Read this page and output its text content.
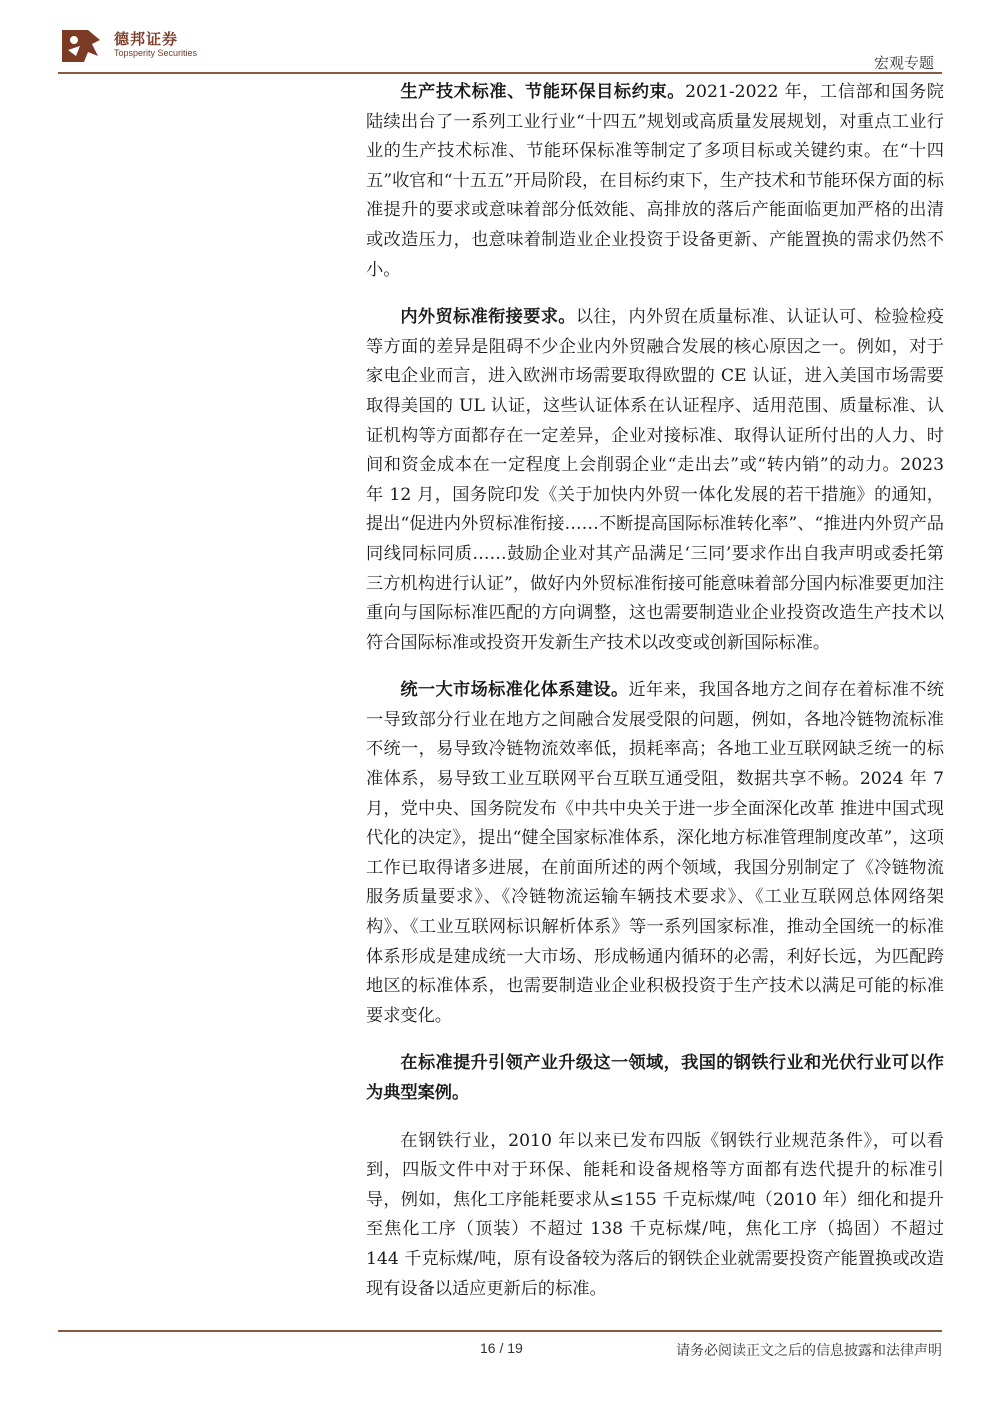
德邦证券
Topsperity Securities
宏观专题

生产技术标准、节能环保目标约束。2021-2022 年，工信部和国务院陆续出台了一系列工业行业“十四五”规划或高质量发展规划，对重点工业行业的生产技术标准、节能环保标准等制定了多项目标或关键约束。在“十四五”收官和“十五五”开局阶段，在目标约束下，生产技术和节能环保方面的标准提升的要求或意味着部分低效能、高排放的落后产能面临更加严格的出清或改造压力，也意味着制造业企业投资于设备更新、产能置换的需求仍然不小。

内外贸标准衔接要求。以往，内外贸在质量标准、认证认可、检验检疫等方面的差异是阻碍不少企业内外贸融合发展的核心原因之一。例如，对于家电企业而言，进入欧洲市场需要取得欧盟的 CE 认证，进入美国市场需要取得美国的 UL 认证，这些认证体系在认证程序、适用范围、质量标准、认证机构等方面都存在一定差异，企业对接标准、取得认证所付出的人力、时间和资金成本在一定程度上会削弱企业“走出去”或“转内销”的动力。2023 年 12 月，国务院印发《关于加快内外贸一体化发展的若干措施》的通知，提出“促进内外贸标准衔接……不断提高国际标准转化率”、“推进内外贸产品同线同标同质……鼓励企业对其产品满足‘三同’要求作出自我声明或委托第三方机构进行认证”，做好内外贸标准衔接可能意味着部分国内标准要更加注重向与国际标准匹配的方向调整，这也需要制造业企业投资改造生产技术以符合国际标准或投资开发新生产技术以改变或创新国际标准。

统一大市场标准化体系建设。近年来，我国各地方之间存在着标准不统一导致部分行业在地方之间融合发展受限的问题，例如，各地冷链物流标准不统一，易导致冷链物流效率低，损耗率高；各地工业互联网缺乏统一的标准体系，易导致工业互联网平台互联互通受阻，数据共享不畅。2024 年 7 月，党中央、国务院发布《中共中央关于进一步全面深化改革 推进中国式现代化的决定》，提出“健全国家标准体系，深化地方标准管理制度改革”，这项工作已取得诸多进展，在前面所述的两个领域，我国分别制定了《冷链物流服务质量要求》、《冷链物流运输车辆技术要求》、《工业互联网总体网络架构》、《工业互联网标识解析体系》等一系列国家标准，推动全国统一的标准体系形成是建成统一大市场、形成畅通内循环的必需，利好长远，为匹配跨地区的标准体系，也需要制造业企业积极投资于生产技术以满足可能的标准要求变化。

在标准提升引领产业升级这一领域，我国的钢铁行业和光伏行业可以作为典型案例。

在钢铁行业，2010 年以来已发布四版《钢铁行业规范条件》，可以看到，四版文件中对于环保、能耗和设备规格等方面都有迭代提升的标准引导，例如，焦化工序能耗要求从≤155 千克标煤/吨（2010 年）细化和提升至焦化工序（顶装）不超过 138 千克标煤/吨，焦化工序（捣固）不超过 144 千克标煤/吨，原有设备较为落后的钢铁企业就需要投资产能置换或改造现有设备以适应更新后的标准。

16 / 19	请务必阅读正文之后的信息披露和法律声明
